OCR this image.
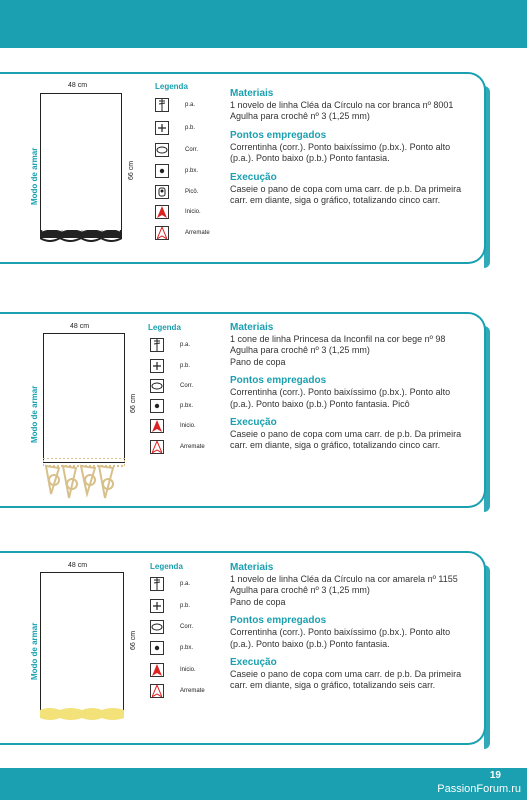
48 cm
66 cm
Modo de armar
Legenda
p.a.
p.b.
Corr.
p.bx.
Picô.
Inicio.
Arremate
Materiais

1 novelo de linha Cléa da Círculo na cor branca nº 8001
Agulha para crochê nº 3 (1,25 mm)

Pontos empregados

Correntinha (corr.). Ponto baixíssimo (p.bx.). Ponto alto (p.a.). Ponto baixo (p.b.) Ponto fantasia.

Execução

Caseie o pano de copa com uma carr. de p.b. Da primeira carr. em diante, siga o gráfico, totalizando cinco carr.

48 cm
66 cm
Modo de armar
Legenda
p.a.
p.b.
Corr.
p.bx.
Inicio.
Arremate
Materiais

1 cone de linha Princesa da Inconfil na cor bege nº 98
Agulha para crochê nº 3 (1,25 mm)
Pano de copa

Pontos empregados

Correntinha (corr.). Ponto baixíssimo (p.bx.). Ponto alto (p.a.). Ponto baixo (p.b.) Ponto fantasia. Picô

Execução

Caseie o pano de copa com uma carr. de p.b. Da primeira carr. em diante, siga o gráfico, totalizando cinco carr.

48 cm
66 cm
Modo de armar
Legenda
p.a.
p.b.
Corr.
p.bx.
Inicio.
Arremate
Materiais

1 novelo de linha Cléa da Círculo na cor amarela nº 1155
Agulha para crochê nº 3 (1,25 mm)
Pano de copa

Pontos empregados

Correntinha (corr.). Ponto baixíssimo (p.bx.). Ponto alto (p.a.). Ponto baixo (p.b.) Ponto fantasia.

Execução

Caseie o pano de copa com uma carr. de p.b. Da primeira carr. em diante, siga o gráfico, totalizando seis carr.

19
PassionForum.ru
